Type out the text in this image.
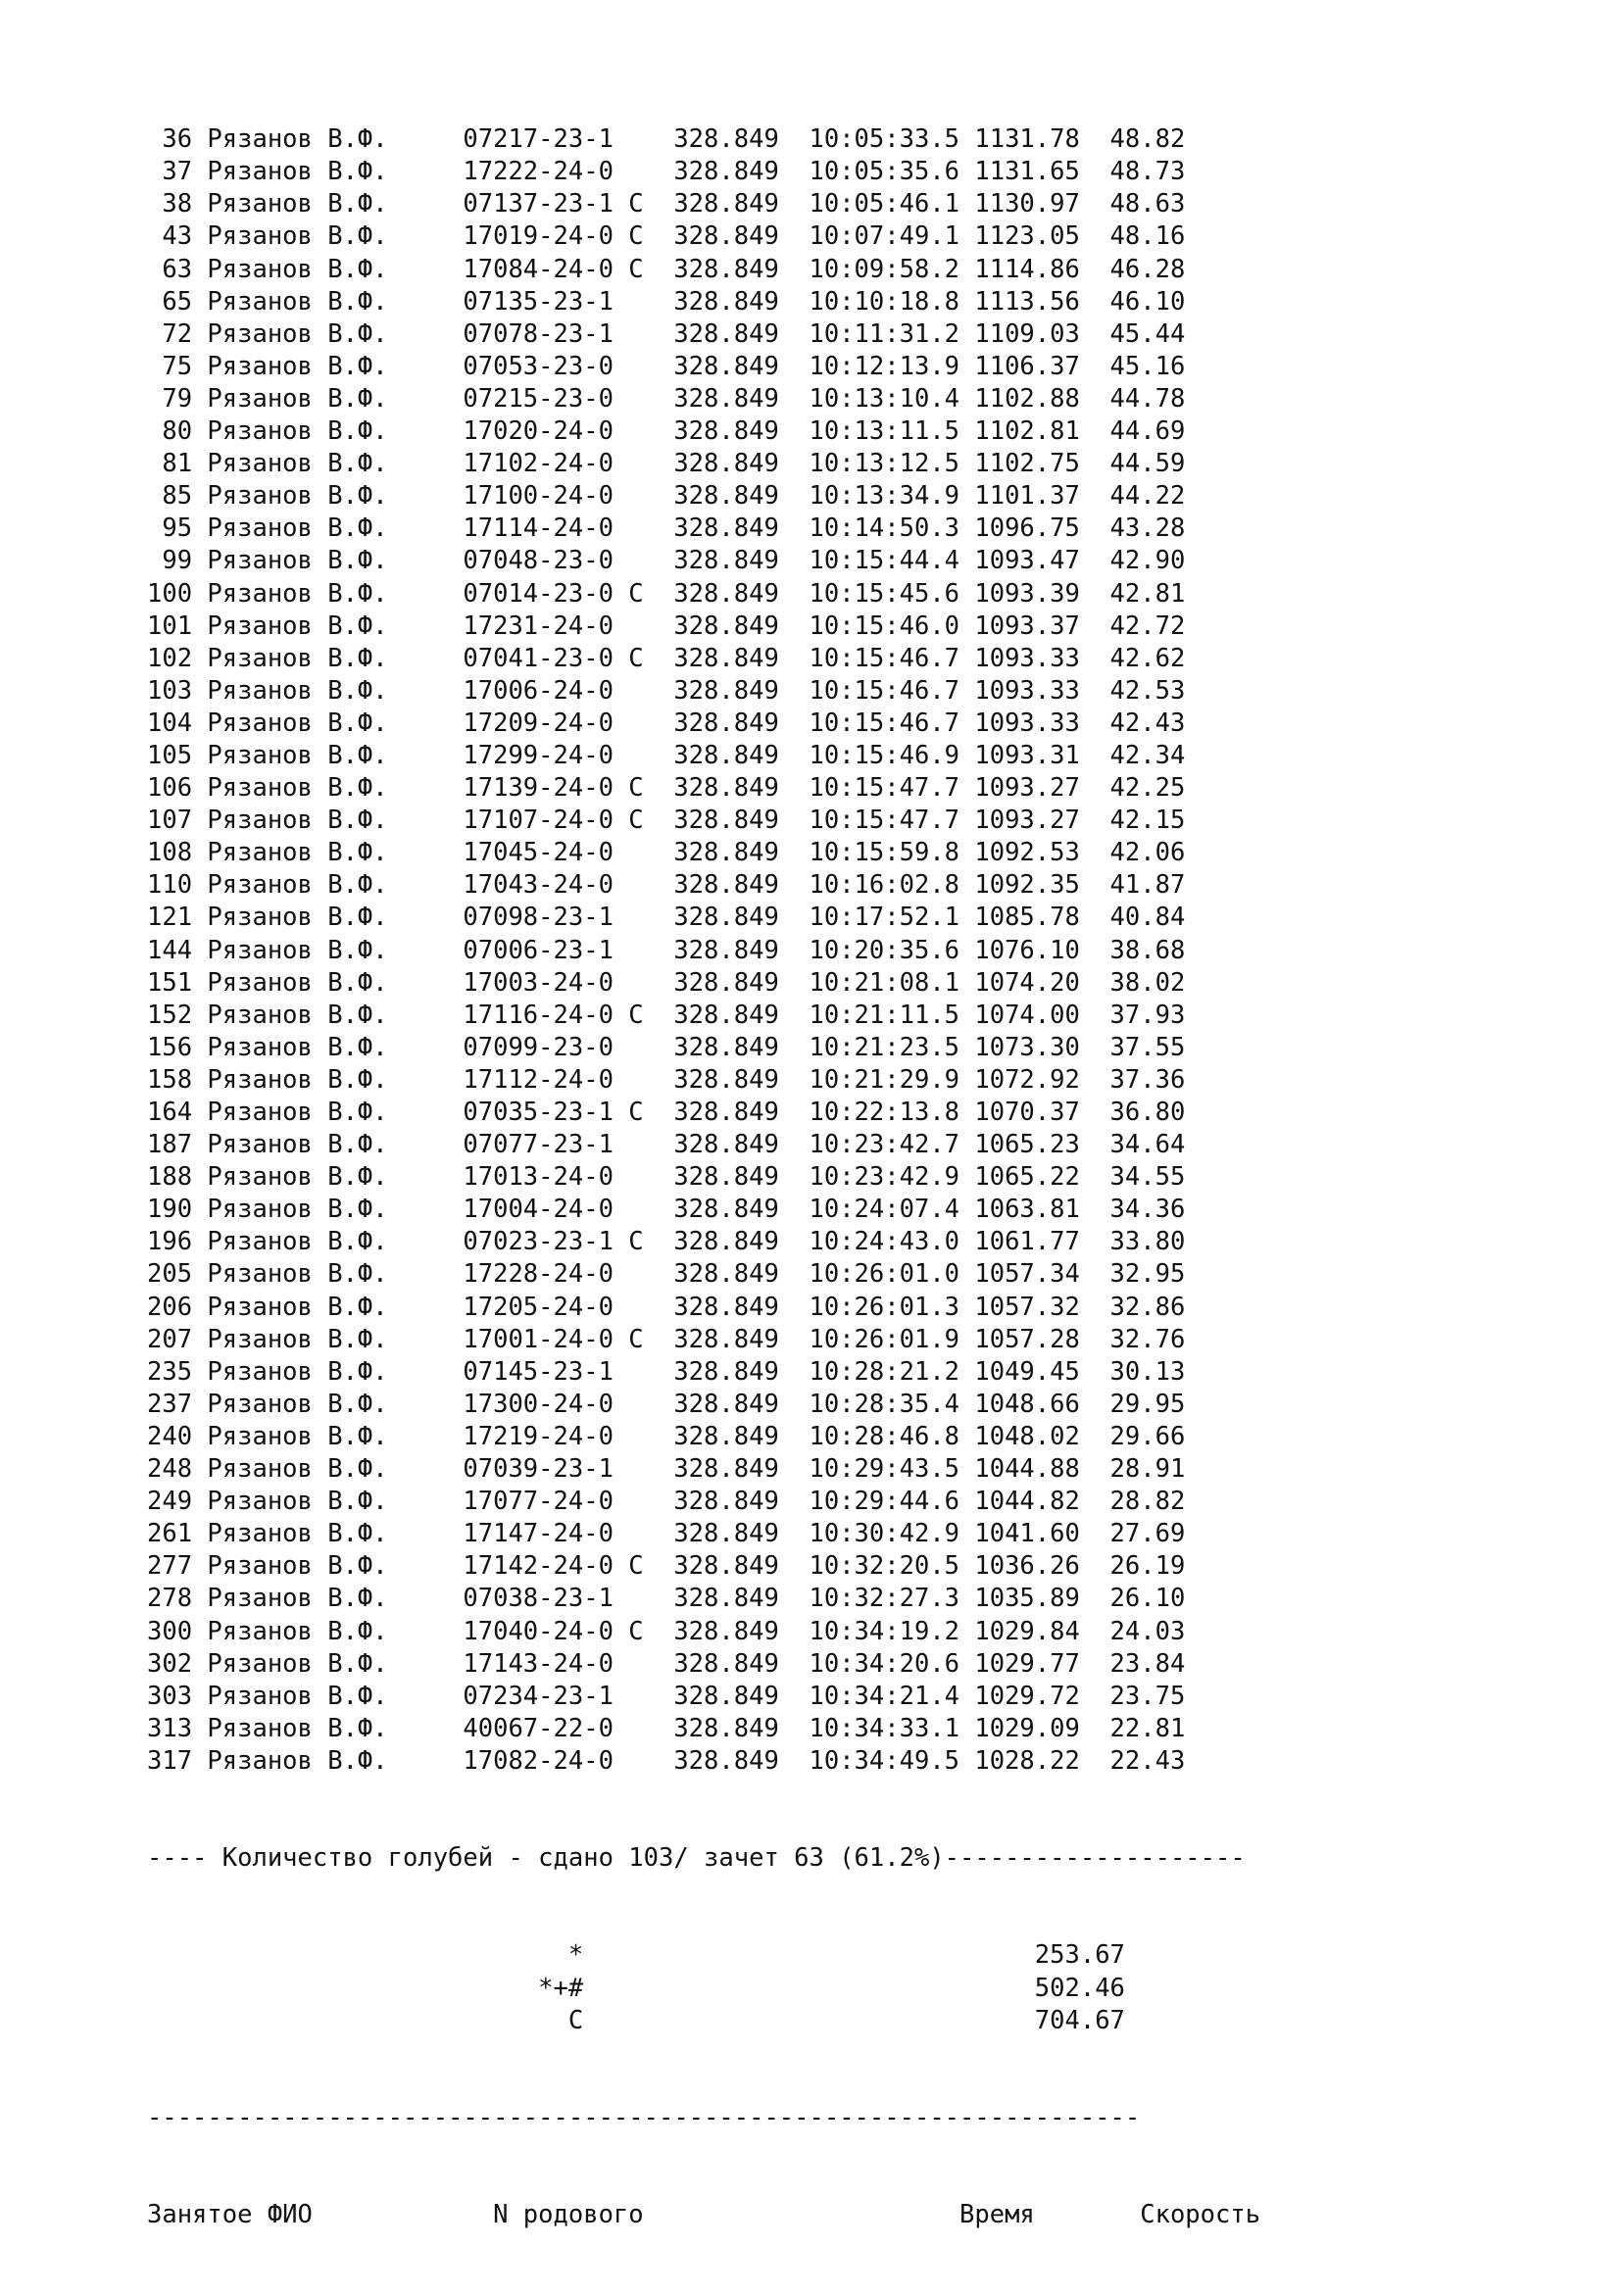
36 Рязанов В.Ф.     07217-23-1    328.849  10:05:33.5 1131.78  48.82
37 Рязанов В.Ф.     17222-24-0    328.849  10:05:35.6 1131.65  48.73
38 Рязанов В.Ф.     07137-23-1 C  328.849  10:05:46.1 1130.97  48.63
43 Рязанов В.Ф.     17019-24-0 C  328.849  10:07:49.1 1123.05  48.16
63 Рязанов В.Ф.     17084-24-0 C  328.849  10:09:58.2 1114.86  46.28
65 Рязанов В.Ф.     07135-23-1    328.849  10:10:18.8 1113.56  46.10
72 Рязанов В.Ф.     07078-23-1    328.849  10:11:31.2 1109.03  45.44
75 Рязанов В.Ф.     07053-23-0    328.849  10:12:13.9 1106.37  45.16
79 Рязанов В.Ф.     07215-23-0    328.849  10:13:10.4 1102.88  44.78
80 Рязанов В.Ф.     17020-24-0    328.849  10:13:11.5 1102.81  44.69
81 Рязанов В.Ф.     17102-24-0    328.849  10:13:12.5 1102.75  44.59
85 Рязанов В.Ф.     17100-24-0    328.849  10:13:34.9 1101.37  44.22
95 Рязанов В.Ф.     17114-24-0    328.849  10:14:50.3 1096.75  43.28
99 Рязанов В.Ф.     07048-23-0    328.849  10:15:44.4 1093.47  42.90
100 Рязанов В.Ф.     07014-23-0 C  328.849  10:15:45.6 1093.39  42.81
101 Рязанов В.Ф.     17231-24-0    328.849  10:15:46.0 1093.37  42.72
102 Рязанов В.Ф.     07041-23-0 C  328.849  10:15:46.7 1093.33  42.62
103 Рязанов В.Ф.     17006-24-0    328.849  10:15:46.7 1093.33  42.53
104 Рязанов В.Ф.     17209-24-0    328.849  10:15:46.7 1093.33  42.43
105 Рязанов В.Ф.     17299-24-0    328.849  10:15:46.9 1093.31  42.34
106 Рязанов В.Ф.     17139-24-0 C  328.849  10:15:47.7 1093.27  42.25
107 Рязанов В.Ф.     17107-24-0 C  328.849  10:15:47.7 1093.27  42.15
108 Рязанов В.Ф.     17045-24-0    328.849  10:15:59.8 1092.53  42.06
110 Рязанов В.Ф.     17043-24-0    328.849  10:16:02.8 1092.35  41.87
121 Рязанов В.Ф.     07098-23-1    328.849  10:17:52.1 1085.78  40.84
144 Рязанов В.Ф.     07006-23-1    328.849  10:20:35.6 1076.10  38.68
151 Рязанов В.Ф.     17003-24-0    328.849  10:21:08.1 1074.20  38.02
152 Рязанов В.Ф.     17116-24-0 C  328.849  10:21:11.5 1074.00  37.93
156 Рязанов В.Ф.     07099-23-0    328.849  10:21:23.5 1073.30  37.55
158 Рязанов В.Ф.     17112-24-0    328.849  10:21:29.9 1072.92  37.36
164 Рязанов В.Ф.     07035-23-1 C  328.849  10:22:13.8 1070.37  36.80
187 Рязанов В.Ф.     07077-23-1    328.849  10:23:42.7 1065.23  34.64
188 Рязанов В.Ф.     17013-24-0    328.849  10:23:42.9 1065.22  34.55
190 Рязанов В.Ф.     17004-24-0    328.849  10:24:07.4 1063.81  34.36
196 Рязанов В.Ф.     07023-23-1 C  328.849  10:24:43.0 1061.77  33.80
205 Рязанов В.Ф.     17228-24-0    328.849  10:26:01.0 1057.34  32.95
206 Рязанов В.Ф.     17205-24-0    328.849  10:26:01.3 1057.32  32.86
207 Рязанов В.Ф.     17001-24-0 C  328.849  10:26:01.9 1057.28  32.76
235 Рязанов В.Ф.     07145-23-1    328.849  10:28:21.2 1049.45  30.13
237 Рязанов В.Ф.     17300-24-0    328.849  10:28:35.4 1048.66  29.95
240 Рязанов В.Ф.     17219-24-0    328.849  10:28:46.8 1048.02  29.66
248 Рязанов В.Ф.     07039-23-1    328.849  10:29:43.5 1044.88  28.91
249 Рязанов В.Ф.     17077-24-0    328.849  10:29:44.6 1044.82  28.82
261 Рязанов В.Ф.     17147-24-0    328.849  10:30:42.9 1041.60  27.69
277 Рязанов В.Ф.     17142-24-0 C  328.849  10:32:20.5 1036.26  26.19
278 Рязанов В.Ф.     07038-23-1    328.849  10:32:27.3 1035.89  26.10
300 Рязанов В.Ф.     17040-24-0 C  328.849  10:34:19.2 1029.84  24.03
302 Рязанов В.Ф.     17143-24-0    328.849  10:34:20.6 1029.77  23.84
303 Рязанов В.Ф.     07234-23-1    328.849  10:34:21.4 1029.72  23.75
313 Рязанов В.Ф.     40067-22-0    328.849  10:34:33.1 1029.09  22.81
317 Рязанов В.Ф.     17082-24-0    328.849  10:34:49.5 1028.22  22.43

---- Количество голубей - сдано 103/ зачет 63 (61.2%)--------------------

*                              253.67
*+#                              502.46
C                              704.67

------------------------------------------------------------------

Занятое ФИО            N родового                     Время       Скорость
